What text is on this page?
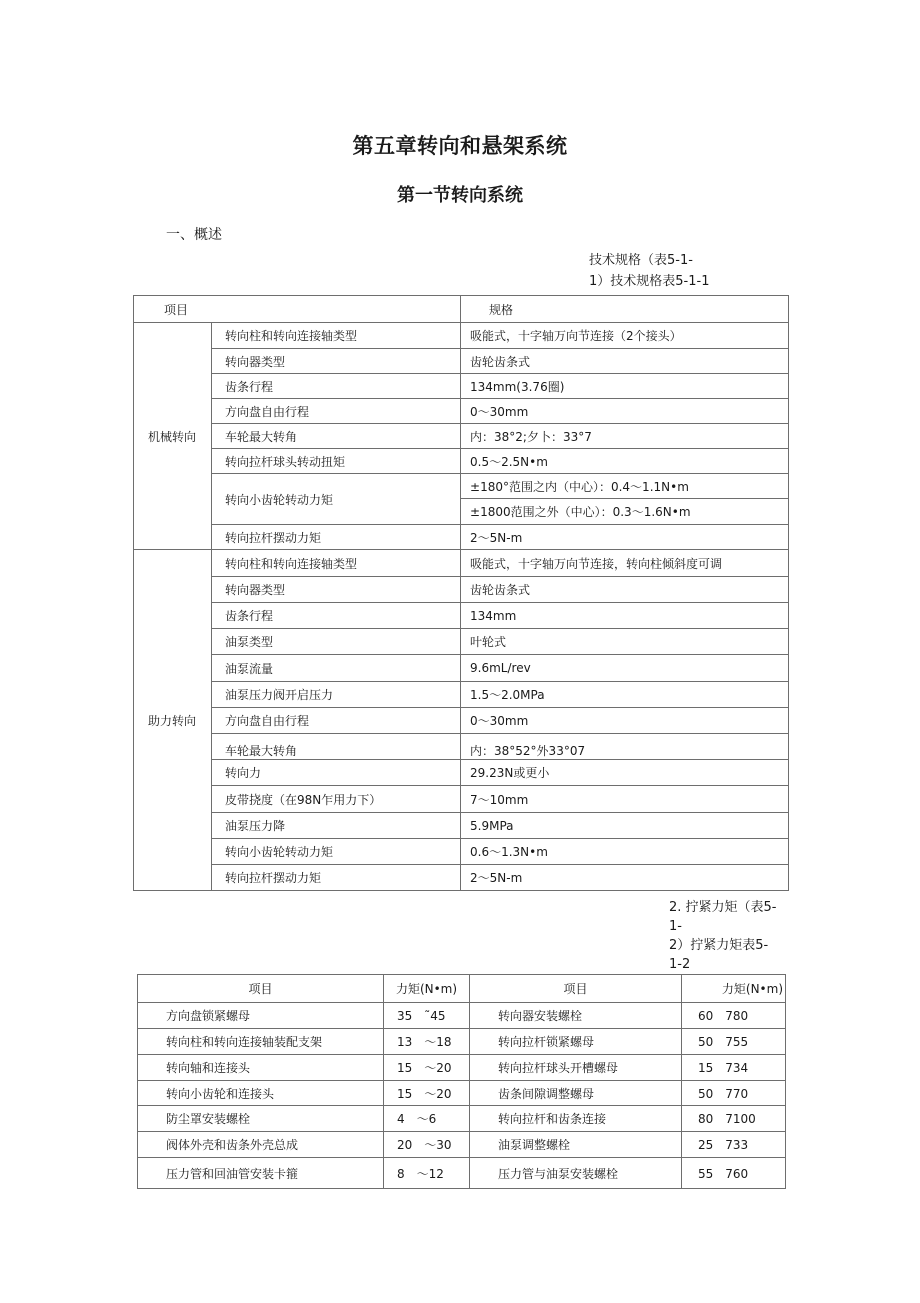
第五章转向和悬架系统
第一节转向系统
一、概述
技术规格（表5-1-
1）技术规格表5-1-1
项目		规格
机械转向	转向柱和转向连接轴类型	吸能式，十字轴万向节连接（2个接头）
	转向器类型	齿轮齿条式
	齿条行程	134mm(3.76圈)
	方向盘自由行程	0～30mm
	车轮最大转角	内：38°2;夕卜：33°7
	转向拉杆球头转动扭矩	0.5～2.5N•m
	转向小齿轮转动力矩	±180°范围之内（中心）：0.4～1.1N•m
		±1800范围之外（中心）：0.3～1.6N•m
	转向拉杆摆动力矩	2～5N-m
助力转向	转向柱和转向连接轴类型	吸能式，十字轴万向节连接，转向柱倾斜度可调
	转向器类型	齿轮齿条式
	齿条行程	134mm
	油泵类型	叶轮式
	油泵流量	9.6mL/rev
	油泵压力阀开启压力	1.5～2.0MPa
	方向盘自由行程	0～30mm
	车轮最大转角	内：38°52°外33°07
	转向力	29.23N或更小
	皮带挠度（在98N乍用力下）	7～10mm
	油泵压力降	5.9MPa
	转向小齿轮转动力矩	0.6～1.3N•m
	转向拉杆摆动力矩	2～5N-m
2. 拧紧力矩（表5-
1-
2）拧紧力矩表5-
1-2
项目	力矩(N•m)	项目	力矩(N•m)
方向盘锁紧螺母	35　˜45	转向器安装螺栓	60　780
转向柱和转向连接轴装配支架	13　～18	转向拉杆锁紧螺母	50　755
转向轴和连接头	15　～20	转向拉杆球头开槽螺母	15　734
转向小齿轮和连接头	15　～20	齿条间隙调整螺母	50　770
防尘罩安装螺栓	4　～6	转向拉杆和齿条连接	80　7100
阀体外壳和齿条外壳总成	20　～30	油泵调整螺栓	25　733
压力管和回油管安装卡箍	8　～12	压力管与油泵安装螺栓	55　760
